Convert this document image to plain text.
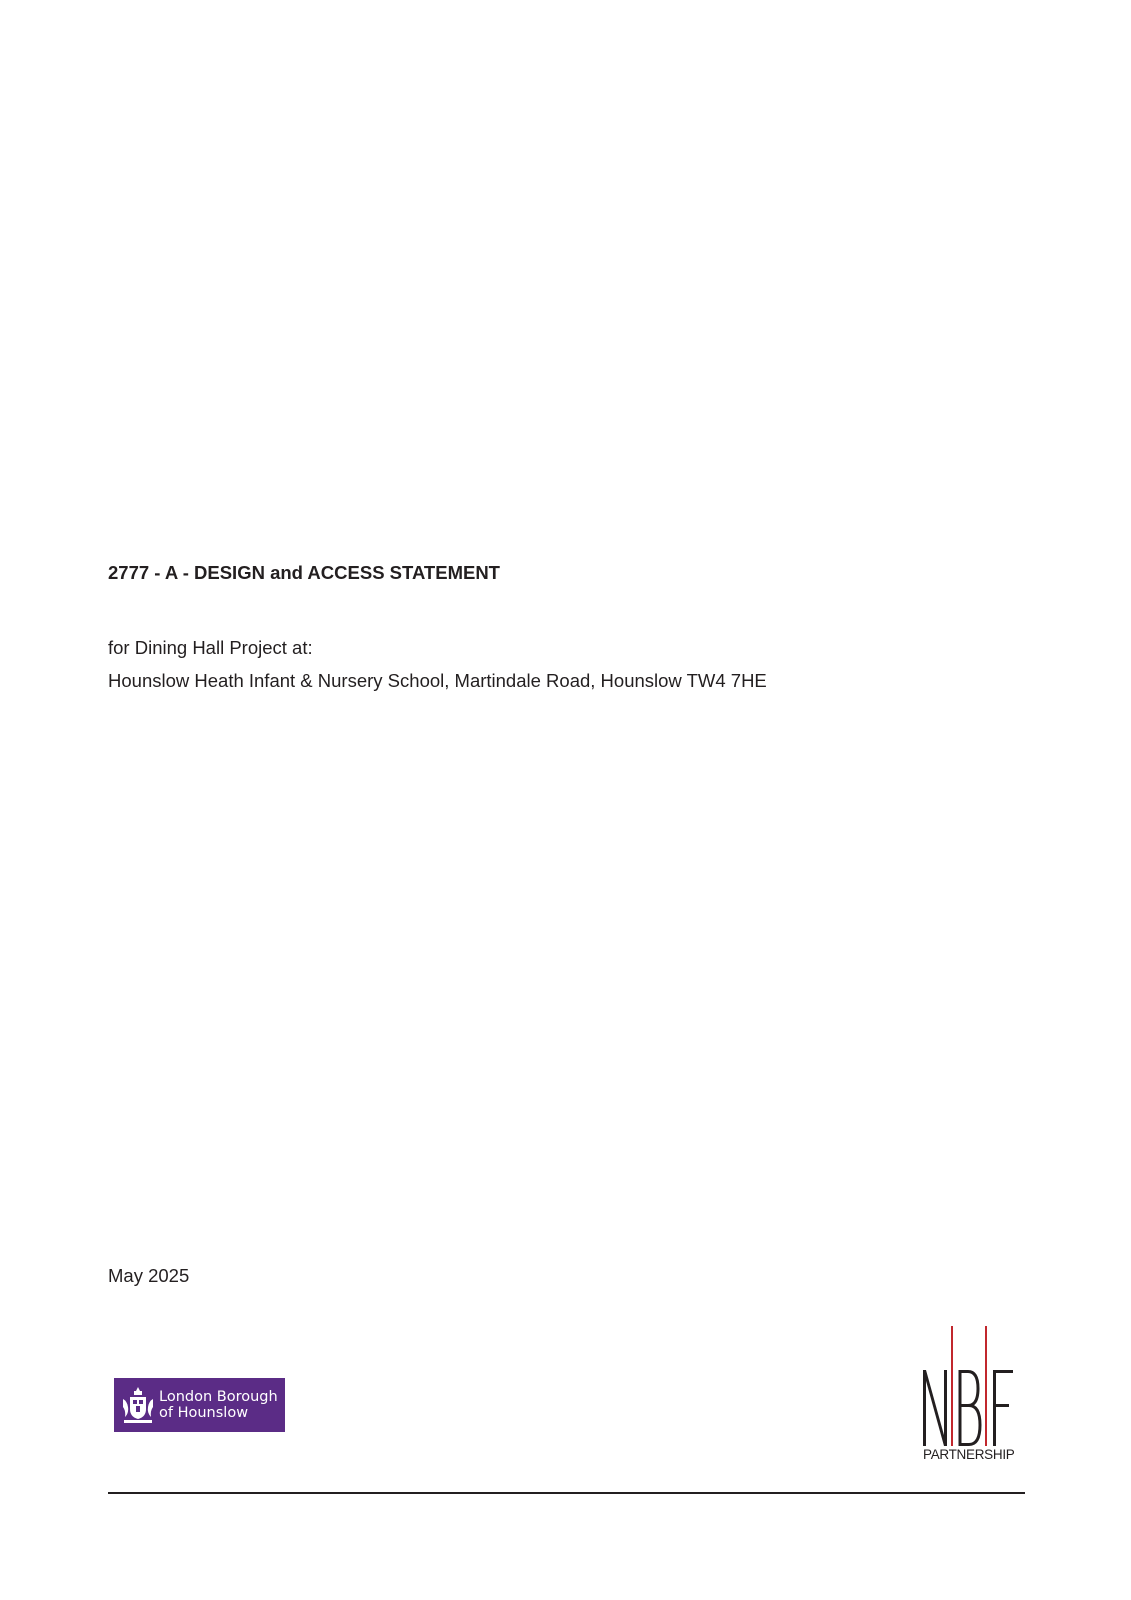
2777 - A - DESIGN and ACCESS STATEMENT
for Dining Hall Project at:
Hounslow Heath Infant & Nursery School, Martindale Road, Hounslow TW4 7HE
May 2025
London Borough
of Hounslow
PARTNERSHIP
